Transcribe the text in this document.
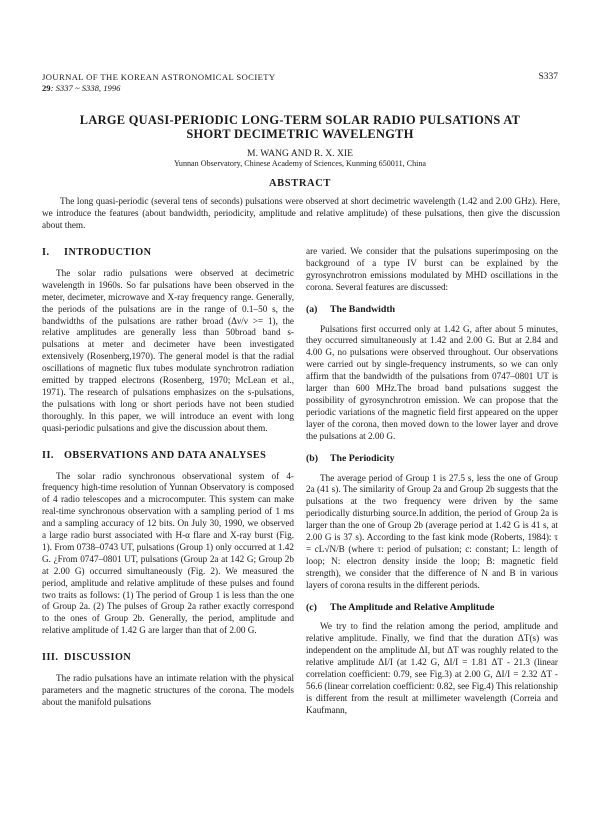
JOURNAL OF THE KOREAN ASTRONOMICAL SOCIETY
29: S337 ~ S338, 1996
S337
LARGE QUASI-PERIODIC LONG-TERM SOLAR RADIO PULSATIONS AT
SHORT DECIMETRIC WAVELENGTH
M. WANG AND R. X. XIE
Yunnan Observatory, Chinese Academy of Sciences, Kunming 650011, China
ABSTRACT

The long quasi-periodic (several tens of seconds) pulsations were observed at short decimetric wavelength (1.42 and 2.00 GHz). Here, we introduce the features (about bandwidth, periodicity, amplitude and relative amplitude) of these pulsations, then give the discussion about them.

I.	INTRODUCTION

The solar radio pulsations were observed at decimetric wavelength in 1960s. So far pulsations have been observed in the meter, decimeter, microwave and X-ray frequency range. Generally, the periods of the pulsations are in the range of 0.1–50 s, the bandwidths of the pulsations are rather broad (Δν/ν >= 1), the relative amplitudes are generally less than 50broad band s-pulsations at meter and decimeter have been investigated extensively (Rosenberg,1970). The general model is that the radial oscillations of magnetic flux tubes modulate synchrotron radiation emitted by trapped electrons (Rosenberg, 1970; McLean et al., 1971). The research of pulsations emphasizes on the s-pulsations, the pulsations with long or short periods have not been studied thoroughly. In this paper, we will introduce an event with long quasi-periodic pulsations and give the discussion about them.

II. OBSERVATIONS AND DATA ANALYSES

The solar radio synchronous observational system of 4-frequency high-time resolution of Yunnan Observatory is composed of 4 radio telescopes and a microcomputer. This system can make real-time synchronous observation with a sampling period of 1 ms and a sampling accuracy of 12 bits. On July 30, 1990, we observed a large radio burst associated with H-α flare and X-ray burst (Fig. 1). From 0738–0743 UT, pulsations (Group 1) only occurred at 1.42 G. ¿From 0747–0801 UT, pulsations (Group 2a at 142 G; Group 2b at 2.00 G) occurred simultaneously (Fig. 2). We measured the period, amplitude and relative amplitude of these pulses and found two traits as follows: (1) The period of Group 1 is less than the one of Group 2a. (2) The pulses of Group 2a rather exactly correspond to the ones of Group 2b. Generally, the period, amplitude and relative amplitude of 1.42 G are larger than that of 2.00 G.

III. DISCUSSION

The radio pulsations have an intimate relation with the physical parameters and the magnetic structures of the corona. The models about the manifold pulsations

are varied. We consider that the pulsations superimposing on the background of a type IV burst can be explained by the gyrosynchrotron emissions modulated by MHD oscillations in the corona. Several features are discussed:

(a)	The Bandwidth

Pulsations first occurred only at 1.42 G, after about 5 minutes, they occurred simultaneously at 1.42 and 2.00 G. But at 2.84 and 4.00 G, no pulsations were observed throughout. Our observations were carried out by single-frequency instruments, so we can only affirm that the bandwidth of the pulsations from 0747–0801 UT is larger than 600 MHz.The broad band pulsations suggest the possibility of gyrosynchrotron emission. We can propose that the periodic variations of the magnetic field first appeared on the upper layer of the corona, then moved down to the lower layer and drove the pulsations at 2.00 G.

(b)	The Periodicity

The average period of Group 1 is 27.5 s, less the one of Group 2a (41 s). The similarity of Group 2a and Group 2b suggests that the pulsations at the two frequency were driven by the same periodically disturbing source.In addition, the period of Group 2a is larger than the one of Group 2b (average period at 1.42 G is 41 s, at 2.00 G is 37 s). According to the fast kink mode (Roberts, 1984): τ = cL√N/B (where τ: period of pulsation; c: constant; L: length of loop; N: electron density inside the loop; B: magnetic field strength), we consider that the difference of N and B in various layers of corona results in the different periods.

(c)	The Amplitude and Relative Amplitude

We try to find the relation among the period, amplitude and relative amplitude. Finally, we find that the duration ΔT(s) was independent on the amplitude ΔI, but ΔT was roughly related to the relative amplitude ΔI/I (at 1.42 G, ΔI/I = 1.81 ΔT - 21.3 (linear correlation coefficient: 0.79, see Fig.3) at 2.00 G, ΔI/I = 2.32 ΔT - 56.6 (linear correlation coefficient: 0.82, see Fig.4) This relationship is different from the result at millimeter wavelength (Correia and Kaufmann,
